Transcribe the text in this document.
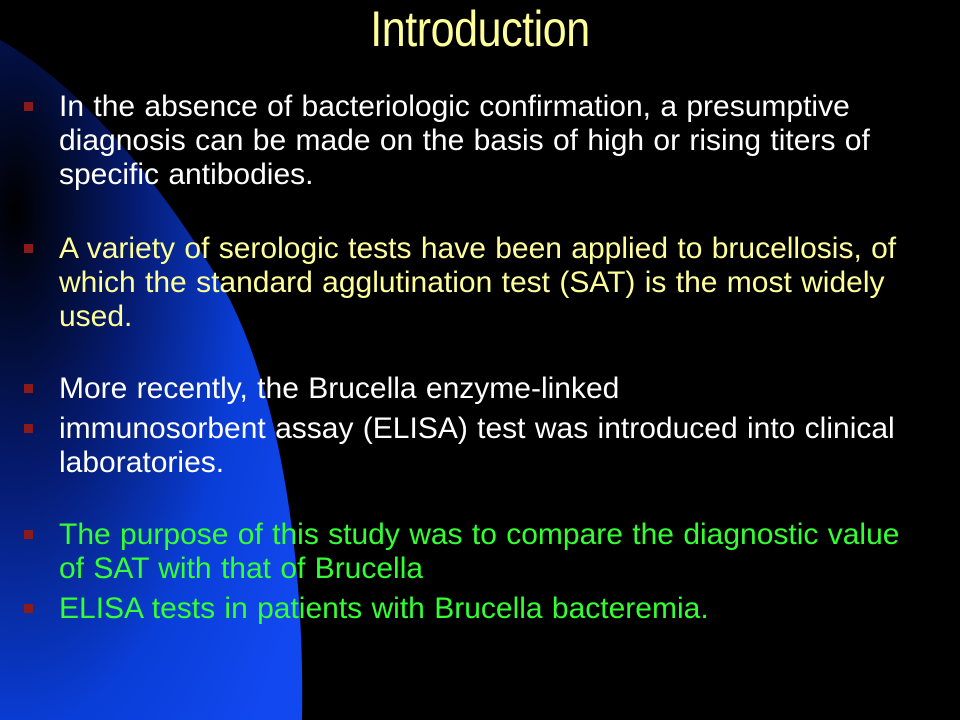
Introduction
In the absence of bacteriologic confirmation, a presumptive diagnosis can be made on the basis of high or rising titers of specific antibodies.
A variety of serologic tests have been applied to brucellosis, of which the standard agglutination test (SAT) is the most widely used.
More recently, the Brucella enzyme-linked
immunosorbent assay (ELISA) test was introduced into clinical laboratories.
The purpose of this study was to compare the diagnostic value of SAT with that of Brucella
ELISA tests in patients with Brucella bacteremia.
